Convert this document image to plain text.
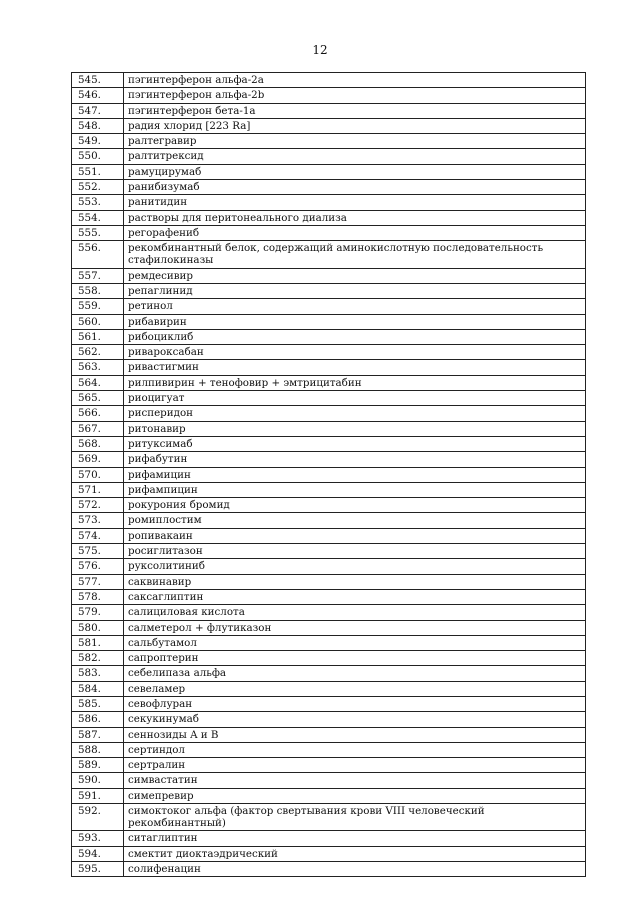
12
545.	пэгинтерферон альфа-2а
546.	пэгинтерферон альфа-2b
547.	пэгинтерферон бета-1а
548.	радия хлорид [223 Ra]
549.	ралтегравир
550.	ралтитрексид
551.	рамуцирумаб
552.	ранибизумаб
553.	ранитидин
554.	растворы для перитонеального диализа
555.	регорафениб
556.	рекомбинантный белок, содержащий аминокислотную последовательность стафилокиназы
557.	ремдесивир
558.	репаглинид
559.	ретинол
560.	рибавирин
561.	рибоциклиб
562.	ривароксабан
563.	ривастигмин
564.	рилпивирин + тенофовир + эмтрицитабин
565.	риоцигуат
566.	рисперидон
567.	ритонавир
568.	ритуксимаб
569.	рифабутин
570.	рифамицин
571.	рифампицин
572.	рокурония бромид
573.	ромиплостим
574.	ропивакаин
575.	росиглитазон
576.	руксолитиниб
577.	саквинавир
578.	саксаглиптин
579.	салициловая кислота
580.	салметерол + флутиказон
581.	сальбутамол
582.	сапроптерин
583.	себелипаза альфа
584.	севеламер
585.	севофлуран
586.	секукинумаб
587.	сеннозиды A и B
588.	сертиндол
589.	сертралин
590.	симвастатин
591.	симепревир
592.	симоктоког альфа (фактор свертывания крови VIII человеческий рекомбинантный)
593.	ситаглиптин
594.	смектит диоктаэдрический
595.	солифенацин
